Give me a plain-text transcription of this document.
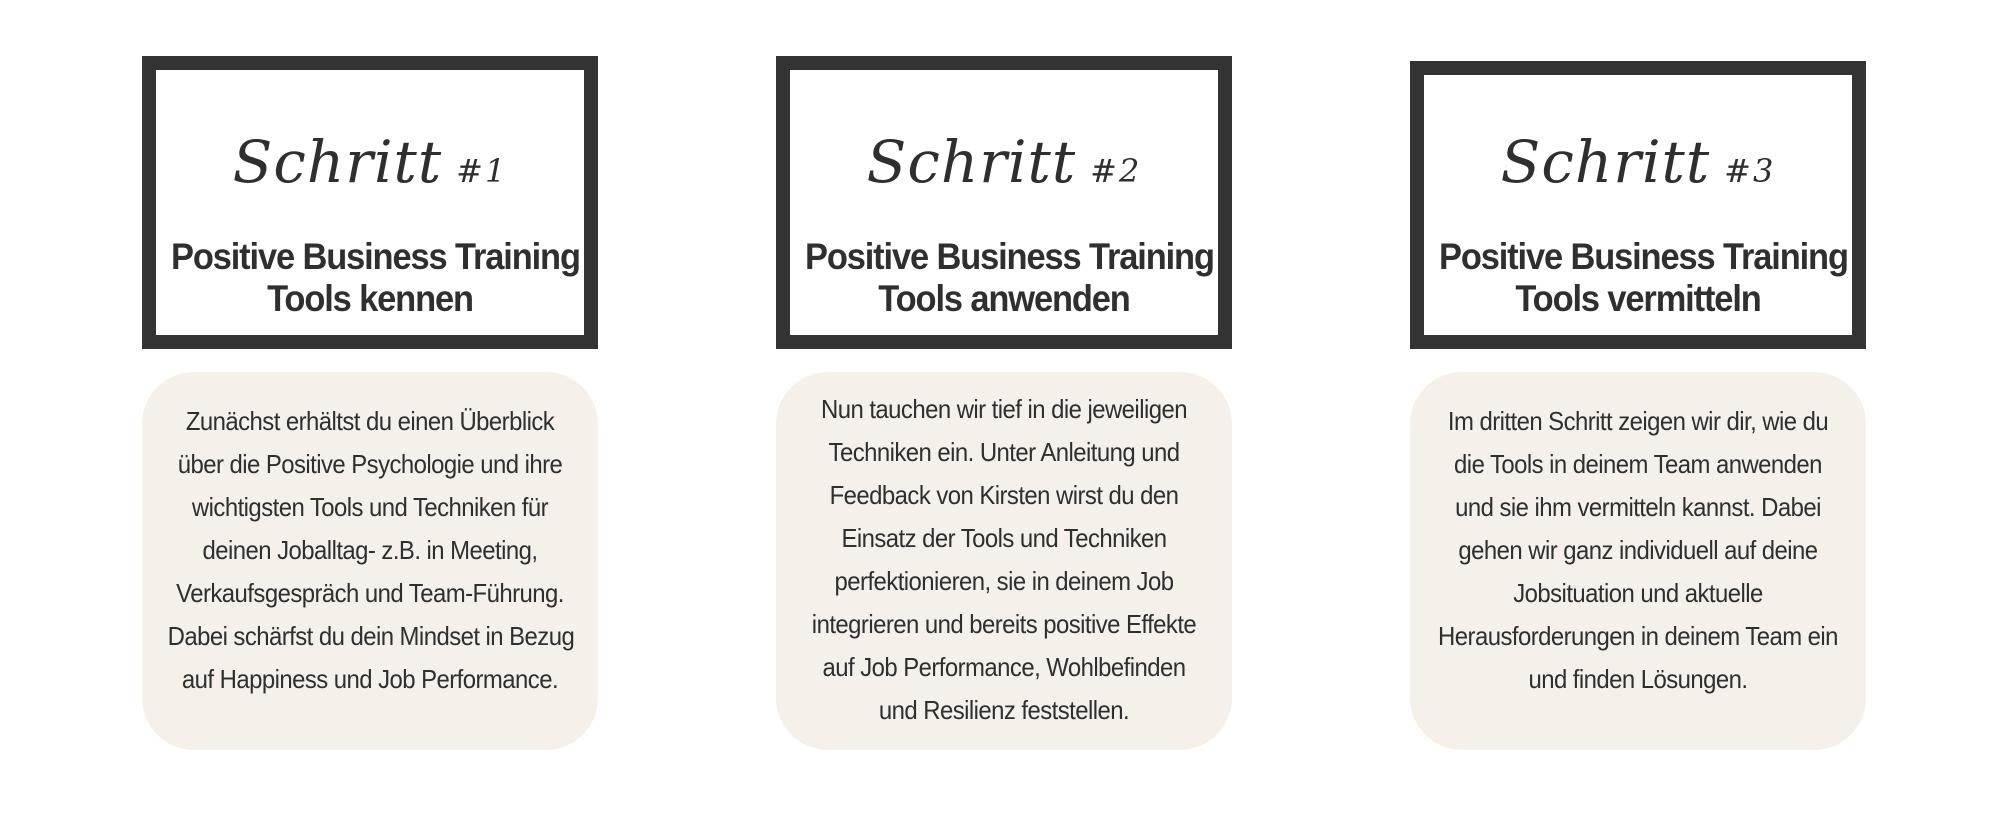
Schritt #1
Positive Business Training
Tools kennen
Zunächst erhältst du einen Überblick
über die Positive Psychologie und ihre
wichtigsten Tools und Techniken für
deinen Joballtag- z.B. in Meeting,
Verkaufsgespräch und Team-Führung.
Dabei schärfst du dein Mindset in Bezug
auf Happiness und Job Performance.
Schritt #2
Positive Business Training
Tools anwenden
Nun tauchen wir tief in die jeweiligen
Techniken ein. Unter Anleitung und
Feedback von Kirsten wirst du den
Einsatz der Tools und Techniken
perfektionieren, sie in deinem Job
integrieren und bereits positive Effekte
auf Job Performance, Wohlbefinden
und Resilienz feststellen.
Schritt #3
Positive Business Training
Tools vermitteln
Im dritten Schritt zeigen wir dir, wie du
die Tools in deinem Team anwenden
und sie ihm vermitteln kannst. Dabei
gehen wir ganz individuell auf deine
Jobsituation und aktuelle
Herausforderungen in deinem Team ein
und finden Lösungen.
